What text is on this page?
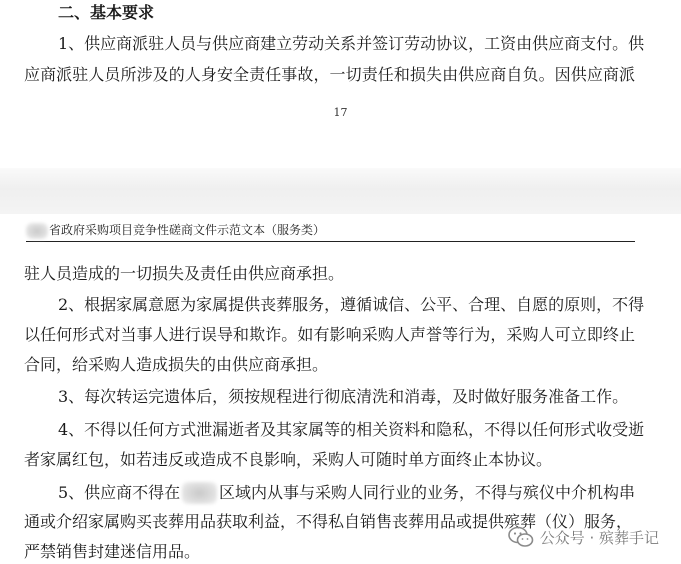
二、基本要求
1、供应商派驻人员与供应商建立劳动关系并签订劳动协议，工资由供应商支付。供
应商派驻人员所涉及的人身安全责任事故，一切责任和损失由供应商自负。因供应商派
17
省政府采购项目竞争性磋商文件示范文本（服务类）
驻人员造成的一切损失及责任由供应商承担。
2、根据家属意愿为家属提供丧葬服务，遵循诚信、公平、合理、自愿的原则，不得
以任何形式对当事人进行误导和欺诈。如有影响采购人声誉等行为，采购人可立即终止
合同，给采购人造成损失的由供应商承担。
3、每次转运完遗体后，须按规程进行彻底清洗和消毒，及时做好服务准备工作。
4、不得以任何方式泄漏逝者及其家属等的相关资料和隐私，不得以任何形式收受逝
者家属红包，如若违反或造成不良影响，采购人可随时单方面终止本协议。
5、供应商不得在 区域内从事与采购人同行业的业务，不得与殡仪中介机构串
通或介绍家属购买丧葬用品获取利益，不得私自销售丧葬用品或提供殡葬（仪）服务，
严禁销售封建迷信用品。
公众号 · 殡葬手记
